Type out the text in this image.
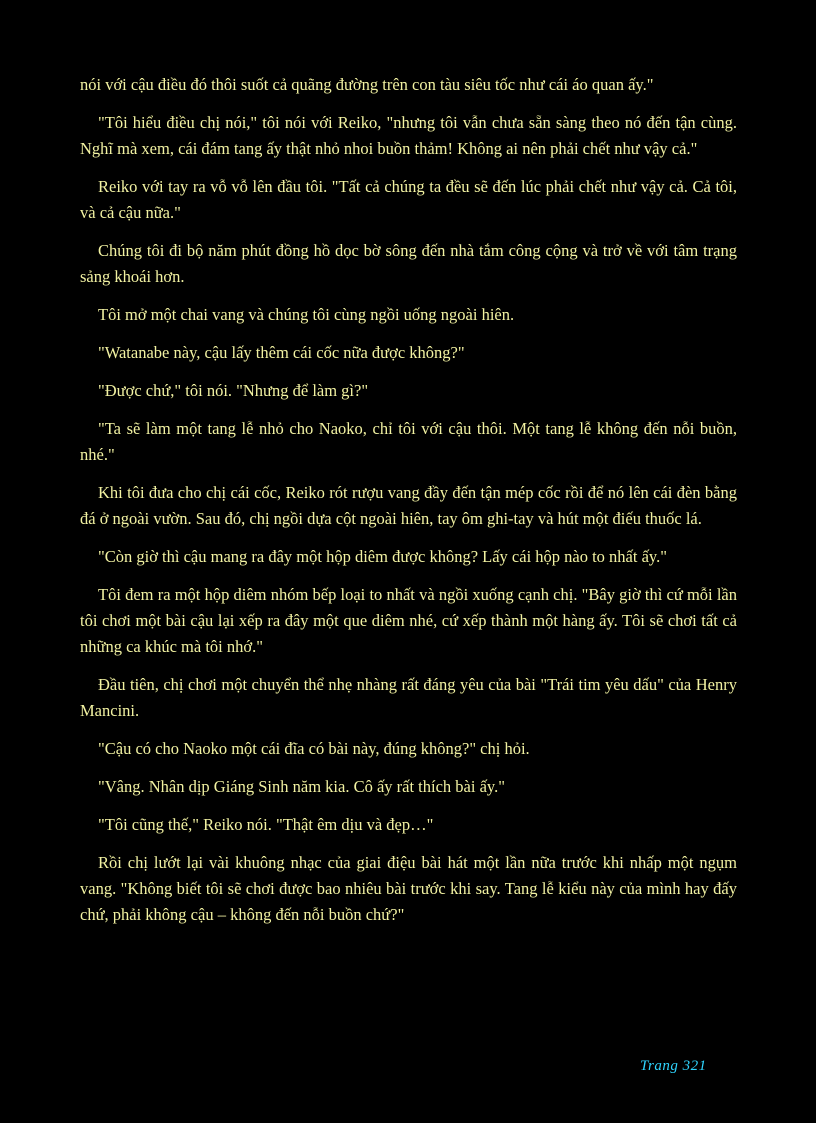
nói với cậu điều đó thôi suốt cả quãng đường trên con tàu siêu tốc như cái áo quan ấy."

"Tôi hiểu điều chị nói," tôi nói với Reiko, "nhưng tôi vẫn chưa sẵn sàng theo nó đến tận cùng. Nghĩ mà xem, cái đám tang ấy thật nhỏ nhoi buồn thảm! Không ai nên phải chết như vậy cả."

Reiko với tay ra vỗ vỗ lên đầu tôi. "Tất cả chúng ta đều sẽ đến lúc phải chết như vậy cả. Cả tôi, và cả cậu nữa."

Chúng tôi đi bộ năm phút đồng hồ dọc bờ sông đến nhà tắm công cộng và trở về với tâm trạng sảng khoái hơn.

Tôi mở một chai vang và chúng tôi cùng ngồi uống ngoài hiên.

"Watanabe này, cậu lấy thêm cái cốc nữa được không?"

"Được chứ," tôi nói. "Nhưng để làm gì?"

"Ta sẽ làm một tang lễ nhỏ cho Naoko, chỉ tôi với cậu thôi. Một tang lễ không đến nỗi buồn, nhé."

Khi tôi đưa cho chị cái cốc, Reiko rót rượu vang đầy đến tận mép cốc rồi để nó lên cái đèn bằng đá ở ngoài vườn. Sau đó, chị ngồi dựa cột ngoài hiên, tay ôm ghi-tay và hút một điếu thuốc lá.

"Còn giờ thì cậu mang ra đây một hộp diêm được không? Lấy cái hộp nào to nhất ấy."

Tôi đem ra một hộp diêm nhóm bếp loại to nhất và ngồi xuống cạnh chị. "Bây giờ thì cứ mỗi lần tôi chơi một bài cậu lại xếp ra đây một que diêm nhé, cứ xếp thành một hàng ấy. Tôi sẽ chơi tất cả những ca khúc mà tôi nhớ."

Đầu tiên, chị chơi một chuyển thể nhẹ nhàng rất đáng yêu của bài "Trái tim yêu dấu" của Henry Mancini.

"Cậu có cho Naoko một cái đĩa có bài này, đúng không?" chị hỏi.

"Vâng. Nhân dịp Giáng Sinh năm kia. Cô ấy rất thích bài ấy."

"Tôi cũng thế," Reiko nói. "Thật êm dịu và đẹp…"

Rồi chị lướt lại vài khuông nhạc của giai điệu bài hát một lần nữa trước khi nhấp một ngụm vang. "Không biết tôi sẽ chơi được bao nhiêu bài trước khi say. Tang lễ kiểu này của mình hay đấy chứ, phải không cậu – không đến nỗi buồn chứ?"

Trang 321
